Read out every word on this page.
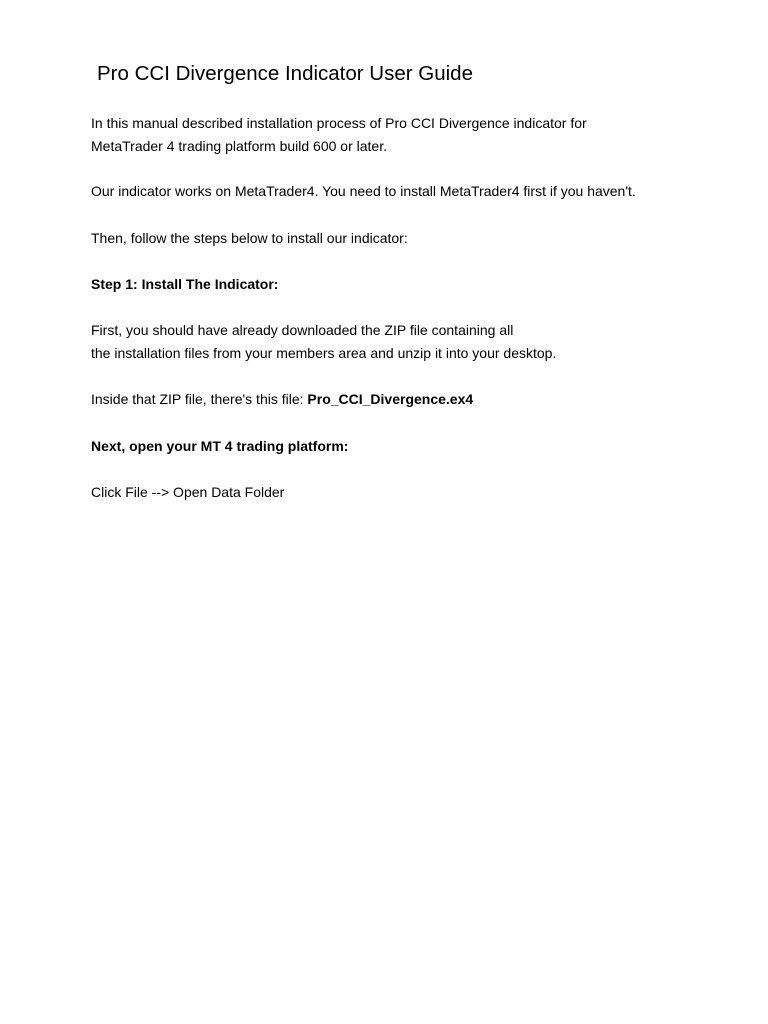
Pro CCI Divergence Indicator User Guide

In this manual described installation process of Pro CCI Divergence indicator for
MetaTrader 4 trading platform build 600 or later.

Our indicator works on MetaTrader4. You need to install MetaTrader4 first if you haven't.

Then, follow the steps below to install our indicator:

Step 1: Install The Indicator:

First, you should have already downloaded the ZIP file containing all
the installation files from your members area and unzip it into your desktop.

Inside that ZIP file, there's this file: Pro_CCI_Divergence.ex4

Next, open your MT 4 trading platform:

Click File --> Open Data Folder
